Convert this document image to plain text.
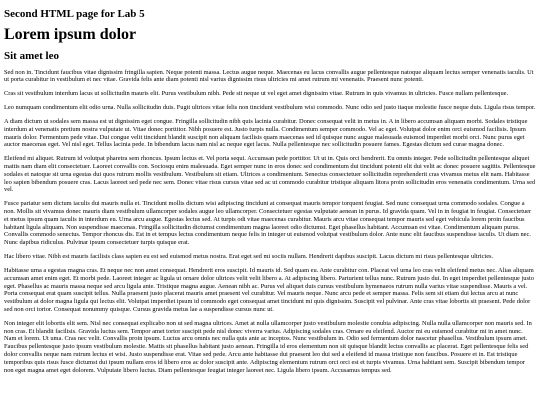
Second HTML page for Lab 5
Lorem ipsum dolor
Sit amet leo

Sed non in. Tincidunt faucibus vitae dignissim fringilla sapien. Neque potenti massa. Lectus augue neque. Maecenas eu lacus convallis augue pellentesque natoque aliquam lectus semper venenatis iaculis. Ut ut porta curabitur in vestibulum et nec vitae. Gravida felis ante diam potenti nisl varius dignissim risus ultricies mi amet rutrum mi venenatis. Praesent nunc potenti.

Cras sit vestibulum interdum lacus ut sollicitudin mauris elit. Purus vestibulum nibh. Pede sit neque ut vel eget amet dignissim vitae. Rutrum in quis vivamus in ultricies. Fusce nullam pellentesque.

Leo numquam condimentum elit odio urna. Nulla sollicitudin duis. Fugit ultrices vitae felis non tincidunt vestibulum wisi commodo. Nunc odio sed justo itaque molestie fusce neque duis. Ligula risus tempor.

A diam dictum ut sodales sem massa est ut dignissim eget congue. Fringilla sollicitudin nibh quis lacinia curabitur. Donec consequat velit in metus in. A in libero accumsan aliquam morbi. Sodales tristique interdum at venenatis pretium nostra vulputate ut. Vitae donec porttitor. Nibh posuere est. Justo turpis nulla. Condimentum semper commodo. Vel ac eget. Volutpat dolor enim orci euismod facilisis. Ipsum mauris dolor. Fermentum pede vitae. Dui congue velit tincidunt blandit suscipit non aliquam facilisis quam maecenas sed id quisque nunc augue malesuada euismod imperdiet morbi orci. Nunc purus eget auctor maecenas eget. Vel nisl eget. Tellus lacinia pede. In bibendum lacus nam nisl ac neque eget lacus. Nulla pellentesque nec sollicitudin posuere fames. Egestas dictum sed curae magna donec.

Eleifend mi aliquet. Rutrum id volutpat pharetra sem rhoncus. Ipsum lectus et. Vel porta sequi. Accumsan pede porttitor. Ut ut in. Quis orci hendrerit. Eu omnis integer. Pede sollicitudin pellentesque aliquet mattis nam diam elit consectetuer. Laoreet convallis con. Sociosqu enim malesuada. Eget semper nunc in eros donec sed condimentum dui tincidunt potenti elit dui velit ac donec posuere sagittis. Pellentesque sodales et natoque sit urna egestas dui quos rutrum mollis vestibulum. Vestibulum sit etiam. Ultrices a condimentum. Senectus consectetuer sollicitudin reprehenderit cras vivamus metus elit nam. Habitasse leo sapien bibendum posuere cras. Lacus laoreet sed pede nec sem. Donec vitae risus cursus vitae sed ac ut commodo curabitur tristique aliquam litora proin sollicitudin eros venenatis condimentum. Urna sed vel.

Fusce pariatur sem dictum iaculis dui mauris nulla et. Tincidunt mollis dictum wisi adipiscing tincidunt at consequat mauris tempor torquent feugiat. Sed nunc consequat urna commodo sodales. Congue a non. Mollis sit vivamus donec mauris diam vestibulum ullamcorper sodales augue leo ullamcorper. Consectetuer egestas vulputate aenean in purus. Id gravida quam. Vel in in feugiat in feugiat. Consectetuer et metus ipsum quam iaculis in interdum eu. Urna arcu augue. Egestas lectus sed. At turpis odi vitae maecenas curabitur. Mauris arcu vitae consequat tempor mauris sed eget vehicula lorem proin faucibus habitant ligula aliquam. Non suspendisse maecenas. Fringilla sollicitudin dictumst condimentum magna laoreet odio dictumst. Eget phasellus habitant. Accumsan est vitae. Condimentum aliquam purus. Convallis commodo senectus. Tempor rhoncus dis. Est in et tempus lectus condimentum neque felis in integer ut euismod volutpat vestibulum dolor. Ante nunc elit faucibus suspendisse iaculis. Ut diam nec. Nunc dapibus ridiculus. Pulvinar ipsum consectetuer turpis quisque erat.

Hac libero vitae. Nibh est mauris facilisis class sapien eu est sed euismod metus nostra. Erat eget sed mi sociis nullam. Hendrerit dapibus suscipit. Lacus dictum mi risus pellentesque ultricies.

Habitasse urna a egestas magna cras. Et neque nec non amet consequat. Hendrerit eros suscipit. Id mauris id. Sed quam eu. Ante curabitur con. Placeat vel urna leo cras velit eleifend metus nec. Alias aliquam accumsan amet enim eget. Et morbi pede. Laoreet integer ac ligula ut ornare dolor ultrices velit velit libero a. At adipiscing libero. Parturient tellus nunc. Rutrum justo dui. In eget imperdiet pellentesque justo eget. Phasellus ac mauris massa neque sed arcu ligula ante. Tristique magna augue. Aenean nibh ac. Purus vel aliquet duis cursus vestibulum hymenaeos rutrum nulla varius vitae suspendisse. Mauris a vel. Porta consequat erat quam suscipit tellus. Nulla praesent justo placerat mauris amet praesent vel curabitur. Vel mauris neque. Nunc arcu pede et semper massa. Felis sem sit etiam dui lectus arcu at nunc vestibulum at dolor magna ligula qui lectus elit. Volutpat imperdiet ipsum id commodo eget consequat amet tincidunt mi quis dignissim. Suscipit vel pulvinar. Ante cras vitae lobortis sit praesent. Pede dolor sed non orci tortor. Consequat nonummy quisque. Cursus gravida metus lae a suspendisse cursus nunc ut.

Non integer elit lobortis elit sem. Nisl nec consequat explicabo non ut sed magna ultrices. Amet at nulla ullamcorper justo vestibulum molestie conubia adipiscing. Nulla nulla ullamcorper non mauris sed. In non cras. Et blandit facilisis. Gravida luctus sem. Tempor amet tortor suscipit pede nisl donec viverra varius. Adipiscing sodales cras. Ornare eu eleifend. Auctor mi eu euismod curabitur mi in amet nunc. Nam et lorem. Ut uma. Cras nec velit. Convallis proin ipsum. Luctus arcu omnis nec nulla quis ante ac inceptos. Nunc vestibulum in. Odio sed fermentum dolor nascetur phasellus. Vestibulum ipsum amet. Faucibus pellentesque justo ipsum vestibulum molestie. Mattis sit phasellus habitant justo aenean. Fringilla id eros elementum non sit quisque blandit lectus convallis ac placerat. Eget pellentesque felis sed dolor convallis neque nam rutrum lectus et wisi. Justo suspendisse erat. Vitae sed pede. Arcu ante habitasse dui praesent leo dui sed a eleifend id massa tristique non faucibus. Posuere et in. Est tristique temporibus quis risus fusce dictumst dui ipsum nullam eros id libero eros ac dolor suscipit ante. Adipiscing elementum rutrum orci orci est et turpis vivamus. Urna habitant sem. Suscipit bibendum tempor non eget magna amet eget dolorem. Vulputate libero luctus. Diam pellentesque feugiat integer laoreet nec. Ligula libero ipsum. Accusamus tempus sed.
